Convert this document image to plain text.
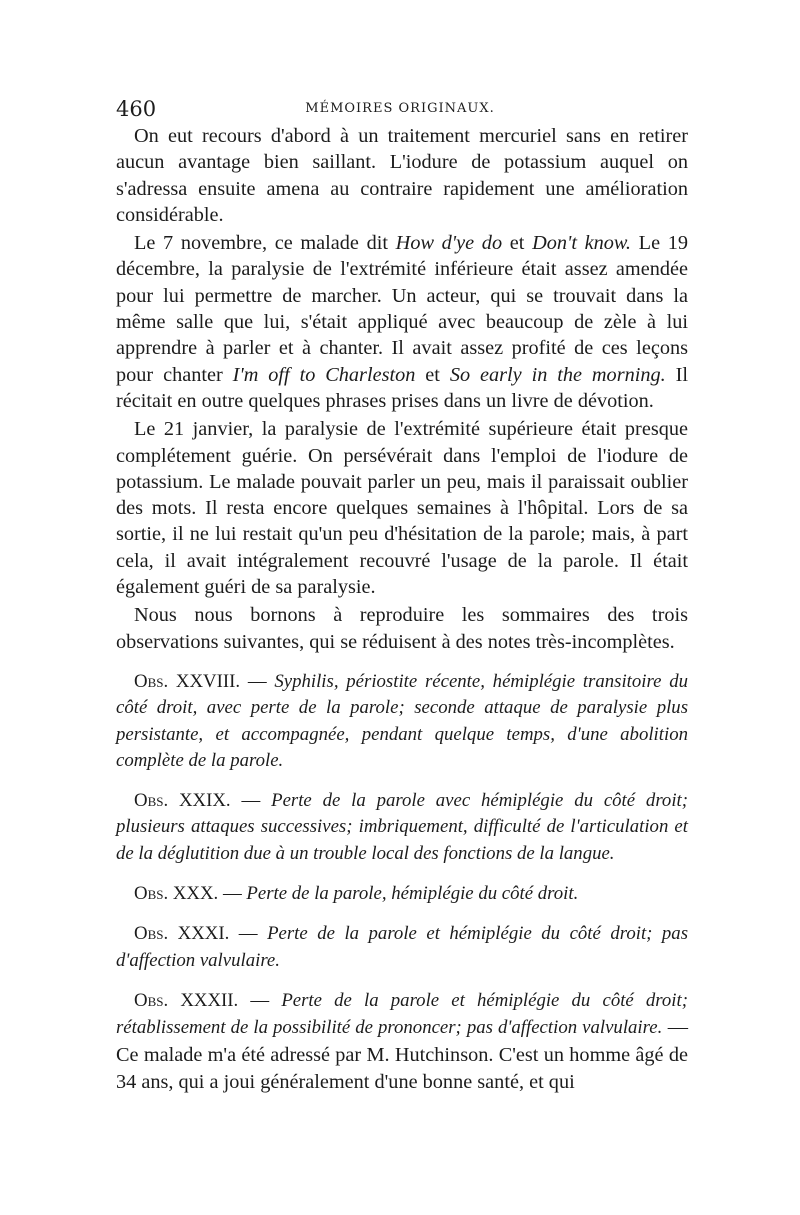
460	MÉMOIRES ORIGINAUX.

On eut recours d'abord à un traitement mercuriel sans en retirer aucun avantage bien saillant. L'iodure de potassium auquel on s'adressa ensuite amena au contraire rapidement une amélioration considérable.

Le 7 novembre, ce malade dit How d'ye do et Don't know. Le 19 décembre, la paralysie de l'extrémité inférieure était assez amendée pour lui permettre de marcher. Un acteur, qui se trouvait dans la même salle que lui, s'était appliqué avec beaucoup de zèle à lui apprendre à parler et à chanter. Il avait assez profité de ces leçons pour chanter I'm off to Charleston et So early in the morning. Il récitait en outre quelques phrases prises dans un livre de dévotion.

Le 21 janvier, la paralysie de l'extrémité supérieure était presque complétement guérie. On persévérait dans l'emploi de l'iodure de potassium. Le malade pouvait parler un peu, mais il paraissait oublier des mots. Il resta encore quelques semaines à l'hôpital. Lors de sa sortie, il ne lui restait qu'un peu d'hésitation de la parole; mais, à part cela, il avait intégralement recouvré l'usage de la parole. Il était également guéri de sa paralysie.

Nous nous bornons à reproduire les sommaires des trois observations suivantes, qui se réduisent à des notes très-incomplètes.

Obs. XXVIII. — Syphilis, périostite récente, hémiplégie transitoire du côté droit, avec perte de la parole; seconde attaque de paralysie plus persistante, et accompagnée, pendant quelque temps, d'une abolition complète de la parole.

Obs. XXIX. — Perte de la parole avec hémiplégie du côté droit; plusieurs attaques successives; imbriquement, difficulté de l'articulation et de la déglutition due à un trouble local des fonctions de la langue.

Obs. XXX. — Perte de la parole, hémiplégie du côté droit.

Obs. XXXI. — Perte de la parole et hémiplégie du côté droit; pas d'affection valvulaire.

Obs. XXXII. — Perte de la parole et hémiplégie du côté droit; rétablissement de la possibilité de prononcer; pas d'affection valvulaire. — Ce malade m'a été adressé par M. Hutchinson. C'est un homme âgé de 34 ans, qui a joui généralement d'une bonne santé, et qui
